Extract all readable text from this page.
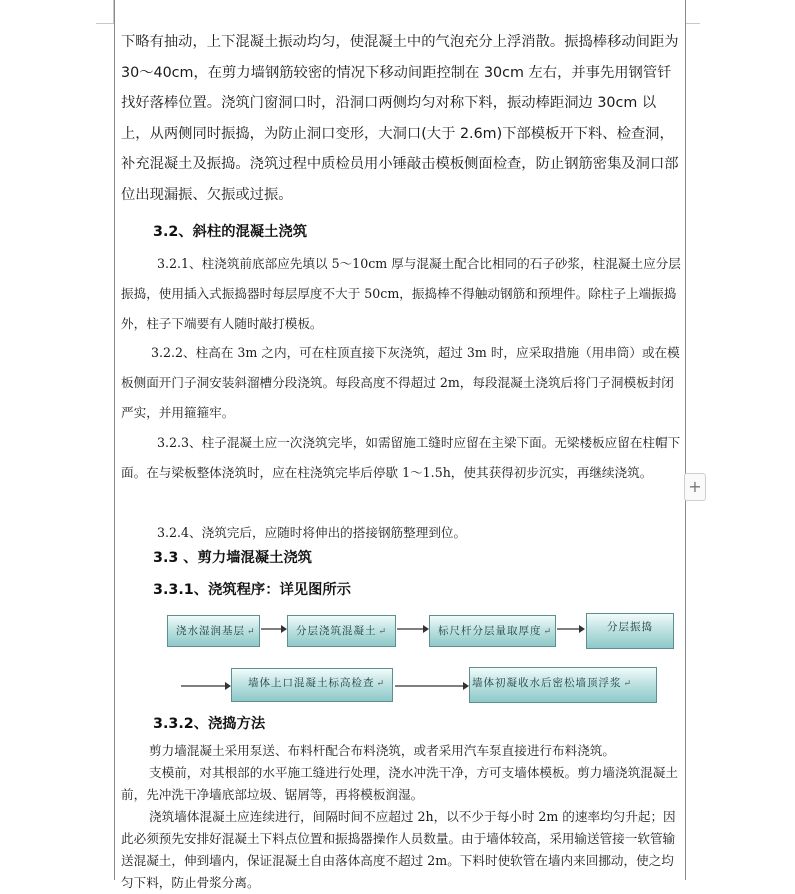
下略有抽动，上下混凝土振动均匀，使混凝土中的气泡充分上浮消散。振捣棒移动间距为 30～40cm，在剪力墙钢筋较密的情况下移动间距控制在 30cm 左右，并事先用钢管钎找好落棒位置。浇筑门窗洞口时，沿洞口两侧均匀对称下料，振动棒距洞边 30cm 以上，从两侧同时振捣，为防止洞口变形，大洞口(大于 2.6m)下部模板开下料、检查洞，补充混凝土及振捣。浇筑过程中质检员用小锤敲击模板侧面检查，防止钢筋密集及洞口部位出现漏振、欠振或过振。

3.2、斜柱的混凝土浇筑

3.2.1、柱浇筑前底部应先填以 5～10cm 厚与混凝土配合比相同的石子砂浆，柱混凝土应分层振捣，使用插入式振捣器时每层厚度不大于 50cm，振捣棒不得触动钢筋和预埋件。除柱子上端振捣外，柱子下端要有人随时敲打模板。

3.2.2、柱高在 3m 之内，可在柱顶直接下灰浇筑，超过 3m 时，应采取措施（用串筒）或在模板侧面开门子洞安装斜溜槽分段浇筑。每段高度不得超过 2m，每段混凝土浇筑后将门子洞模板封闭严实，并用箍箍牢。

3.2.3、柱子混凝土应一次浇筑完毕，如需留施工缝时应留在主梁下面。无梁楼板应留在柱帽下面。在与梁板整体浇筑时，应在柱浇筑完毕后停歇 1～1.5h，使其获得初步沉实，再继续浇筑。

3.2.4、浇筑完后，应随时将伸出的搭接钢筋整理到位。

3.3 、剪力墙混凝土浇筑
3.3.1、浇筑程序：详见图所示
浇水湿润基层 ↵	分层浇筑混凝土 ↵	标尺杆分层量取厚度 ↵	分层振捣
墙体上口混凝土标高检查 ↵	墙体初凝收水后密松墙顶浮浆 ↵
3.3.2、浇捣方法

剪力墙混凝土采用泵送、布料杆配合布料浇筑，或者采用汽车泵直接进行布料浇筑。

支模前，对其根部的水平施工缝进行处理，浇水冲洗干净，方可支墙体模板。剪力墙浇筑混凝土前，先冲洗干净墙底部垃圾、锯屑等，再将模板润湿。

浇筑墙体混凝土应连续进行，间隔时间不应超过 2h，以不少于每小时 2m 的速率均匀升起；因此必须预先安排好混凝土下料点位置和振捣器操作人员数量。由于墙体较高，采用输送管接一软管输送混凝土，伸到墙内，保证混凝土自由落体高度不超过 2m。下料时使软管在墙内来回挪动，使之均匀下料，防止骨浆分离。

+
